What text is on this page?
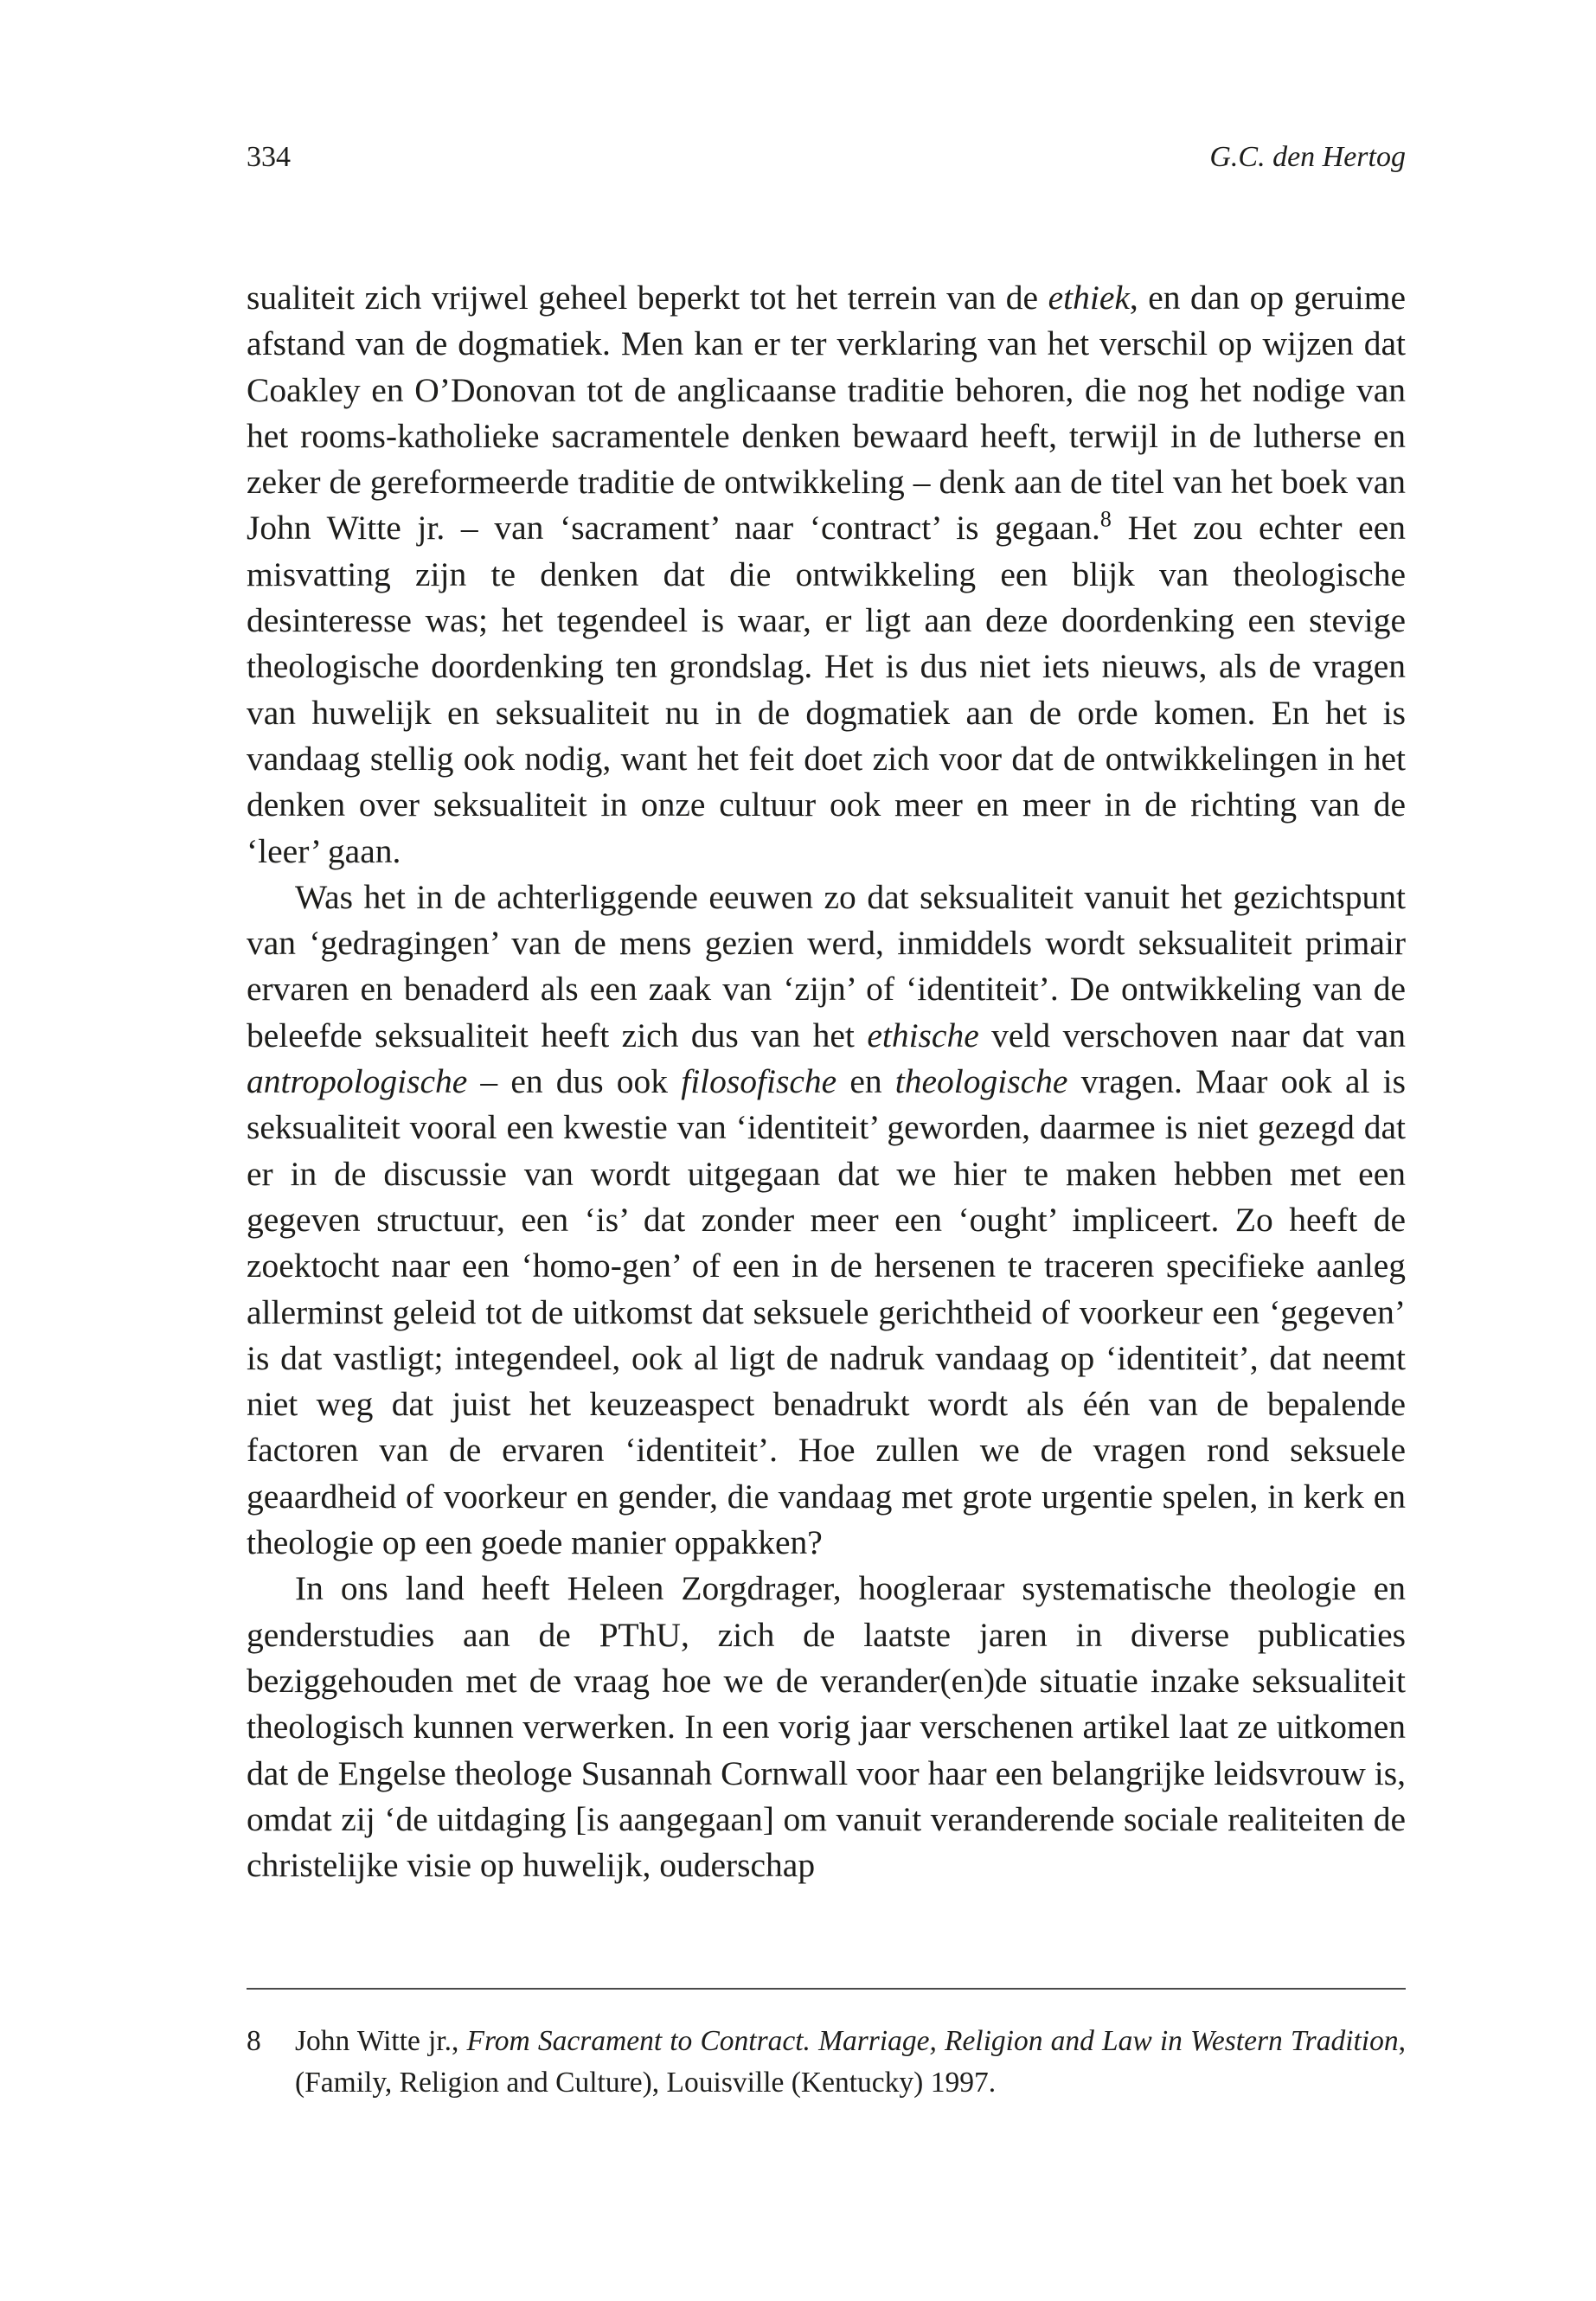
334	G.C. den Hertog

sualiteit zich vrijwel geheel beperkt tot het terrein van de ethiek, en dan op geruime afstand van de dogmatiek. Men kan er ter verklaring van het verschil op wijzen dat Coakley en O’Donovan tot de anglicaanse traditie behoren, die nog het nodige van het rooms-katholieke sacramentele denken bewaard heeft, terwijl in de lutherse en zeker de gereformeerde traditie de ontwikkeling – denk aan de titel van het boek van John Witte jr. – van ‘sacrament’ naar ‘contract’ is gegaan.$^8$ Het zou echter een misvatting zijn te denken dat die ontwikkeling een blijk van theologische desinteresse was; het tegendeel is waar, er ligt aan deze doordenking een stevige theologische doordenking ten grondslag. Het is dus niet iets nieuws, als de vragen van huwelijk en seksualiteit nu in de dogmatiek aan de orde komen. En het is vandaag stellig ook nodig, want het feit doet zich voor dat de ontwikkelingen in het denken over seksualiteit in onze cultuur ook meer en meer in de richting van de ‘leer’ gaan.

Was het in de achterliggende eeuwen zo dat seksualiteit vanuit het gezichtspunt van ‘gedragingen’ van de mens gezien werd, inmiddels wordt seksualiteit primair ervaren en benaderd als een zaak van ‘zijn’ of ‘identiteit’. De ontwikkeling van de beleefde seksualiteit heeft zich dus van het ethische veld verschoven naar dat van antropologische – en dus ook filosofische en theologische vragen. Maar ook al is seksualiteit vooral een kwestie van ‘identiteit’ geworden, daarmee is niet gezegd dat er in de discussie van wordt uitgegaan dat we hier te maken hebben met een gegeven structuur, een ‘is’ dat zonder meer een ‘ought’ impliceert. Zo heeft de zoektocht naar een ‘homo-gen’ of een in de hersenen te traceren specifieke aanleg allerminst geleid tot de uitkomst dat seksuele gerichtheid of voorkeur een ‘gegeven’ is dat vastligt; integendeel, ook al ligt de nadruk vandaag op ‘identiteit’, dat neemt niet weg dat juist het keuzeaspect benadrukt wordt als één van de bepalende factoren van de ervaren ‘identiteit’. Hoe zullen we de vragen rond seksuele geaardheid of voorkeur en gender, die vandaag met grote urgentie spelen, in kerk en theologie op een goede manier oppakken?

In ons land heeft Heleen Zorgdrager, hoogleraar systematische theologie en genderstudies aan de PThU, zich de laatste jaren in diverse publicaties beziggehouden met de vraag hoe we de verander(en)de situatie inzake seksualiteit theologisch kunnen verwerken. In een vorig jaar verschenen artikel laat ze uitkomen dat de Engelse theologe Susannah Cornwall voor haar een belangrijke leidsvrouw is, omdat zij ‘de uitdaging [is aangegaan] om vanuit veranderende sociale realiteiten de christelijke visie op huwelijk, ouderschap

8 John Witte jr., From Sacrament to Contract. Marriage, Religion and Law in Western Tradition, (Family, Religion and Culture), Louisville (Kentucky) 1997.
